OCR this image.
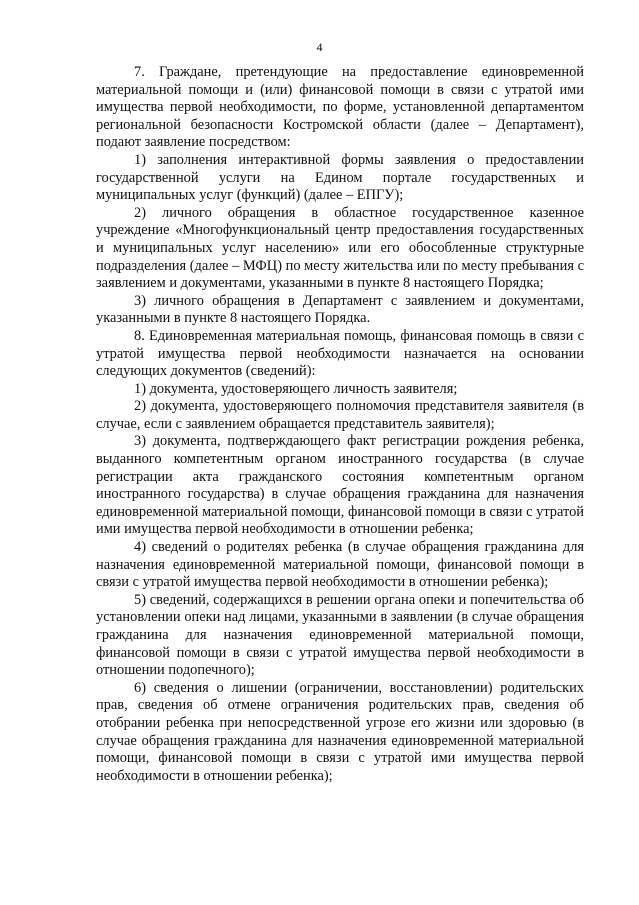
4

7. Граждане, претендующие на предоставление единовременной материальной помощи и (или) финансовой помощи в связи с утратой ими имущества первой необходимости, по форме, установленной департаментом региональной безопасности Костромской области (далее – Департамент), подают заявление посредством:

1) заполнения интерактивной формы заявления о предоставлении государственной услуги на Едином портале государственных и муниципальных услуг (функций) (далее – ЕПГУ);

2) личного обращения в областное государственное казенное учреждение «Многофункциональный центр предоставления государственных и муниципальных услуг населению» или его обособленные структурные подразделения (далее – МФЦ) по месту жительства или по месту пребывания с заявлением и документами, указанными в пункте 8 настоящего Порядка;

3) личного обращения в Департамент с заявлением и документами, указанными в пункте 8 настоящего Порядка.

8. Единовременная материальная помощь, финансовая помощь в связи с утратой имущества первой необходимости назначается на основании следующих документов (сведений):

1) документа, удостоверяющего личность заявителя;

2) документа, удостоверяющего полномочия представителя заявителя (в случае, если с заявлением обращается представитель заявителя);

3) документа, подтверждающего факт регистрации рождения ребенка, выданного компетентным органом иностранного государства (в случае регистрации акта гражданского состояния компетентным органом иностранного государства) в случае обращения гражданина для назначения единовременной материальной помощи, финансовой помощи в связи с утратой ими имущества первой необходимости в отношении ребенка;

4) сведений о родителях ребенка (в случае обращения гражданина для назначения единовременной материальной помощи, финансовой помощи в связи с утратой имущества первой необходимости в отношении ребенка);

5) сведений, содержащихся в решении органа опеки и попечительства об установлении опеки над лицами, указанными в заявлении (в случае обращения гражданина для назначения единовременной материальной помощи, финансовой помощи в связи с утратой имущества первой необходимости в отношении подопечного);

6) сведения о лишении (ограничении, восстановлении) родительских прав, сведения об отмене ограничения родительских прав, сведения об отобрании ребенка при непосредственной угрозе его жизни или здоровью (в случае обращения гражданина для назначения единовременной материальной помощи, финансовой помощи в связи с утратой ими имущества первой необходимости в отношении ребенка);
